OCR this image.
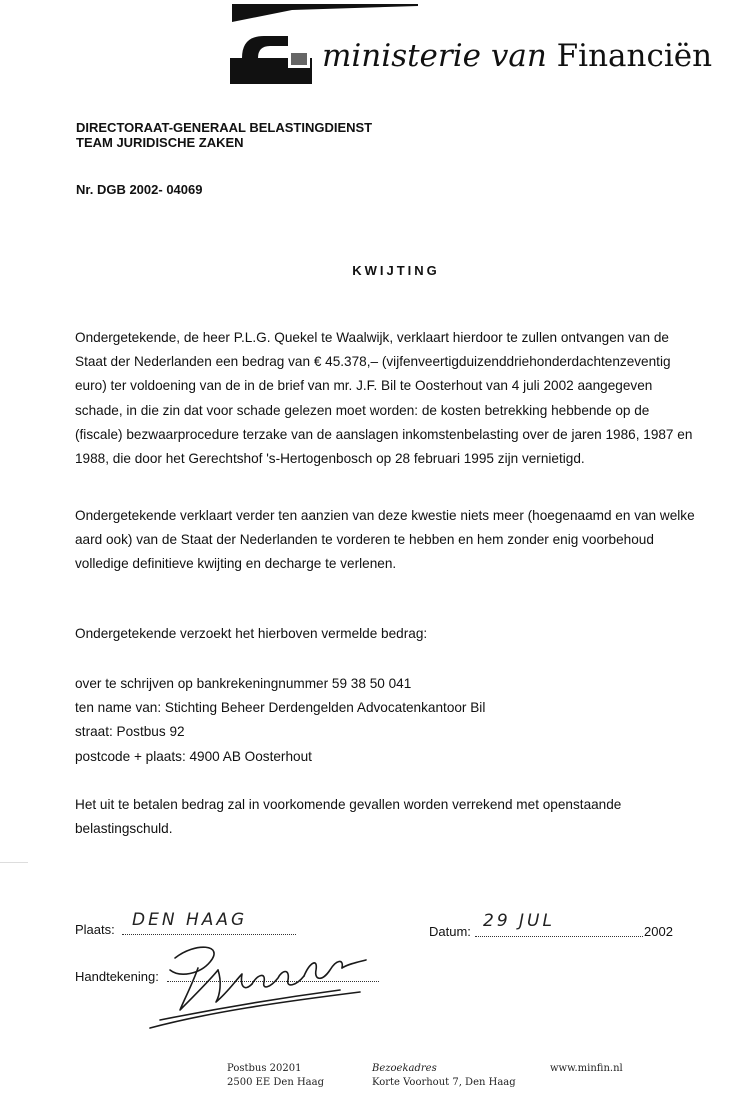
ministerie van Financiën
DIRECTORAAT-GENERAAL BELASTINGDIENST
TEAM JURIDISCHE ZAKEN
Nr. DGB 2002- 04069
KWIJTING

Ondergetekende, de heer P.L.G. Quekel te Waalwijk, verklaart hierdoor te zullen ontvangen van de Staat der Nederlanden een bedrag van € 45.378,– (vijfenveertigduizenddriehonderdachtenzeventig euro) ter voldoening van de in de brief van mr. J.F. Bil te Oosterhout van 4 juli 2002 aangegeven schade, in die zin dat voor schade gelezen moet worden: de kosten betrekking hebbende op de (fiscale) bezwaarprocedure terzake van de aanslagen inkomstenbelasting over de jaren 1986, 1987 en 1988, die door het Gerechtshof 's-Hertogenbosch op 28 februari 1995 zijn vernietigd.

Ondergetekende verklaart verder ten aanzien van deze kwestie niets meer (hoegenaamd en van welke aard ook) van de Staat der Nederlanden te vorderen te hebben en hem zonder enig voorbehoud volledige definitieve kwijting en decharge te verlenen.

Ondergetekende verzoekt het hierboven vermelde bedrag:

over te schrijven op bankrekeningnummer 59 38 50 041
ten name van: Stichting Beheer Derdengelden Advocatenkantoor Bil
straat: Postbus 92
postcode + plaats: 4900 AB Oosterhout

Het uit te betalen bedrag zal in voorkomende gevallen worden verrekend met openstaande belastingschuld.

Plaats: DEN HAAG
Datum:
29 JUL
2002
Handtekening:
Postbus 20201
2500 EE Den Haag
Bezoekadres
Korte Voorhout 7, Den Haag
www.minfin.nl
